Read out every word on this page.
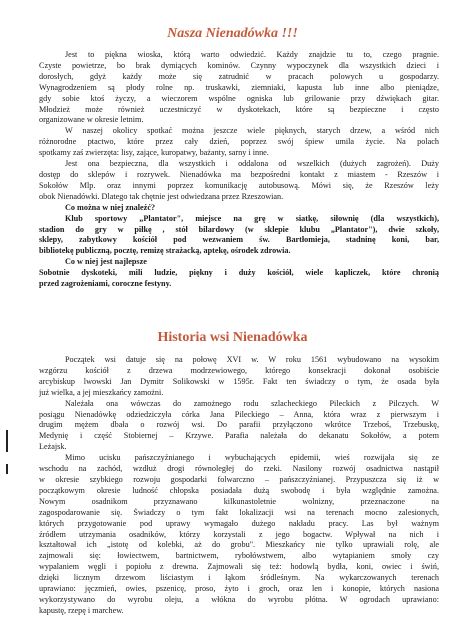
Nasza Nienadówka !!!
Jest to piękna wioska, którą warto odwiedzić. Każdy znajdzie tu to, czego pragnie.
Czyste powietrze, bo brak dymiących kominów. Czynny wypoczynek dla wszystkich dzieci i
dorosłych, gdyż każdy może się zatrudnić w pracach polowych u gospodarzy.
Wynagrodzeniem są płody rolne np. truskawki, ziemniaki, kapusta lub inne albo pieniądze,
gdy sobie ktoś życzy, a wieczorem wspólne ogniska lub grilowanie przy dźwiękach gitar.
Młodzież może również uczestniczyć w dyskotekach, które są bezpieczne i często
organizowane w okresie letnim.
W naszej okolicy spotkać można jeszcze wiele pięknych, starych drzew, a wśród nich
różnorodne ptactwo, które przez cały dzień, poprzez swój śpiew umila życie. Na polach
spotkamy zaś zwierzęta: lisy, zające, kuropatwy, bażanty, sarny i inne.
Jest ona bezpieczna, dla wszystkich i oddalona od wszelkich (dużych zagrożeń). Duży
dostęp do sklepów i rozrywek. Nienadówka ma bezpośredni kontakt z miastem - Rzeszów i
Sokołów Mlp. oraz innymi poprzez komunikację autobusową. Mówi się, że Rzeszów leży
obok Nienadówki. Dlatego tak chętnie jest odwiedzana przez Rzeszowian.
Co można w niej znaleźć?
Klub sportowy „Plantator", miejsce na grę w siatkę, siłownię (dla wszystkich),
stadion do gry w piłkę , stół bilardowy (w sklepie klubu „Plantator"), dwie szkoły,
sklepy, zabytkowy kościół pod wezwaniem św. Bartłomieja, stadninę koni, bar,
bibliotekę publiczną, pocztę, remizę strażacką, aptekę, ośrodek zdrowia.
Co w niej jest najlepsze
Sobotnie dyskoteki, mili ludzie, piękny i duży kościół, wiele kapliczek, które chronią
przed zagrożeniami, coroczne festyny.
Historia wsi Nienadówka
Początek wsi datuje się na połowę XVI w. W roku 1561 wybudowano na wysokim
wzgórzu kościół z drzewa modrzewiowego, którego konsekracji dokonał osobiście
arcybiskup lwowski Jan Dymitr Solikowski w 1595r. Fakt ten świadczy o tym, że osada była
już wielka, a jej mieszkańcy zamożni.
Należała ona wówczas do zamożnego rodu szlacheckiego Pileckich z Pilczych. W
posiągu Nienadówkę odziedziczyła córka Jana Pileckiego – Anna, która wraz z pierwszym i
drugim mężem dbała o rozwój wsi. Do parafii przyłączono wkrótce Trzeboś, Trzebuskę,
Medynię i część Stobiernej – Krzywe. Parafia należała do dekanatu Sokołów, a potem
Leżajsk.
Mimo ucisku pańszczyźnianego i wybuchających epidemii, wieś rozwijała się ze
wschodu na zachód, wzdłuż drogi równoległej do rzeki. Nasilony rozwój osadnictwa nastąpił
w okresie szybkiego rozwoju gospodarki folwarczno – pańszczyźnianej. Przypuszcza się iż w
początkowym okresie ludność chłopska posiadała dużą swobodę i była względnie zamożna.
Nowym osadnikom przyznawano kilkunastoletnie wolnizny, przeznaczone na
zagospodarowanie się. Świadczy o tym fakt lokalizacji wsi na terenach mocno zalesionych,
których przygotowanie pod uprawy wymagało dużego nakładu pracy. Las był ważnym
źródłem utrzymania osadników, którzy korzystali z jego bogactw. Wpływał na nich i
kształtował ich „istotę od kolebki, aż do grobu". Mieszkańcy nie tylko uprawiali rolę, ale
zajmowali się: łowiectwem, bartnictwem, rybołówstwem, albo wytapianiem smoły czy
wypalaniem węgli i popiołu z drewna. Zajmowali się też: hodowlą bydła, koni, owiec i świń,
dzięki licznym drzewom liściastym i łąkom śródleśnym. Na wykarczowanych terenach
uprawiano: jęczmień, owies, pszenicę, proso, żyto i groch, oraz len i konopie, których nasiona
wykorzystywano do wyrobu oleju, a włókna do wyrobu płótna. W ogrodach uprawiano:
kapustę, rzepę i marchew.
